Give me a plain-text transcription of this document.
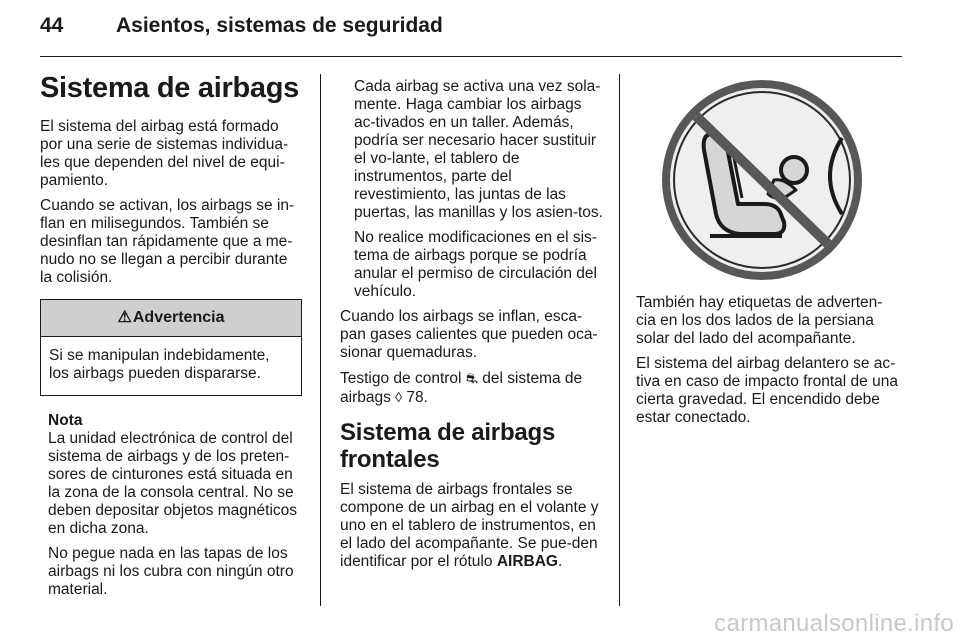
44	Asientos, sistemas de seguridad
Sistema de airbags

El sistema del airbag está formado por una serie de sistemas individua-les que dependen del nivel de equi-pamiento.

Cuando se activan, los airbags se in-flan en milisegundos. También se desinflan tan rápidamente que a me-nudo no se llegan a percibir durante la colisión.

⚠ Advertencia
Si se manipulan indebidamente, los airbags pueden dispararse.
Nota

La unidad electrónica de control del sistema de airbags y de los preten-sores de cinturones está situada en la zona de la consola central. No se deben depositar objetos magnéticos en dicha zona.

No pegue nada en las tapas de los airbags ni los cubra con ningún otro material.

Cada airbag se activa una vez sola-mente. Haga cambiar los airbags ac-tivados en un taller. Además, podría ser necesario hacer sustituir el vo-lante, el tablero de instrumentos, parte del revestimiento, las juntas de las puertas, las manillas y los asien-tos.

No realice modificaciones en el sis-tema de airbags porque se podría anular el permiso de circulación del vehículo.

Cuando los airbags se inflan, esca-pan gases calientes que pueden oca-sionar quemaduras.

Testigo de control ⛐ del sistema de airbags ◊ 78.

Sistema de airbags frontales

El sistema de airbags frontales se compone de un airbag en el volante y uno en el tablero de instrumentos, en el lado del acompañante. Se pue-den identificar por el rótulo AIRBAG.

También hay etiquetas de adverten-cia en los dos lados de la persiana solar del lado del acompañante.

El sistema del airbag delantero se ac-tiva en caso de impacto frontal de una cierta gravedad. El encendido debe estar conectado.

carmanualsonline.info
